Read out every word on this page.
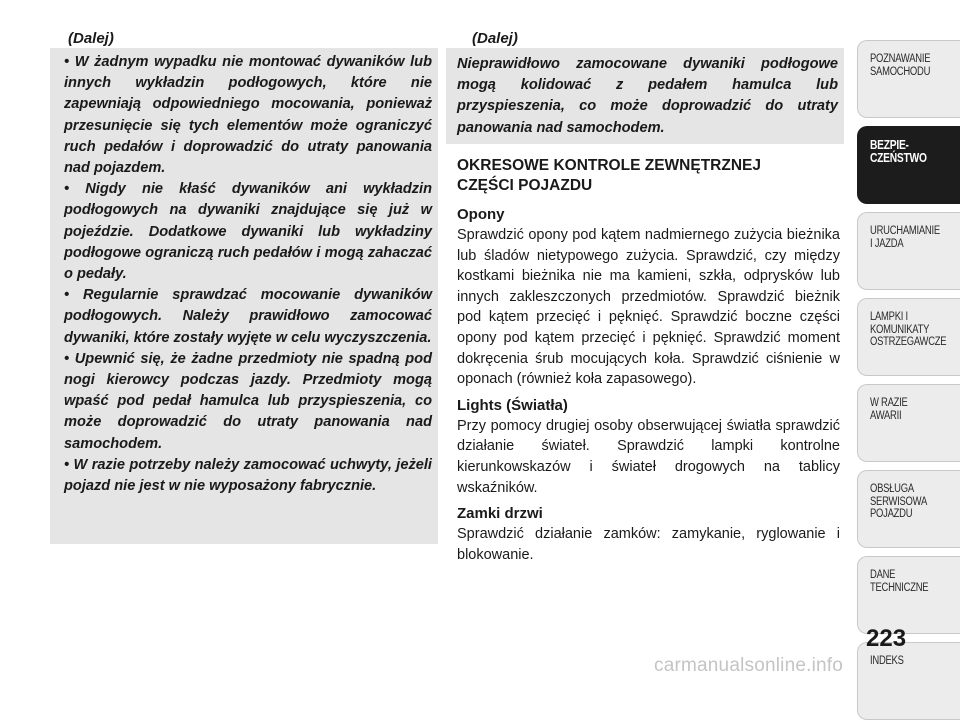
(Dalej)

• W żadnym wypadku nie montować dywaników lub innych wykładzin podłogowych, które nie zapewniają odpowiedniego mocowania, ponieważ przesunięcie się tych elementów może ograniczyć ruch pedałów i doprowadzić do utraty panowania nad pojazdem.

• Nigdy nie kłaść dywaników ani wykładzin podłogowych na dywaniki znajdujące się już w pojeździe. Dodatkowe dywaniki lub wykładziny podłogowe ograniczą ruch pedałów i mogą zahaczać o pedały.

• Regularnie sprawdzać mocowanie dywaników podłogowych. Należy prawidłowo zamocować dywaniki, które zostały wyjęte w celu wyczyszczenia.

• Upewnić się, że żadne przedmioty nie spadną pod nogi kierowcy podczas jazdy. Przedmioty mogą wpaść pod pedał hamulca lub przyspieszenia, co może doprowadzić do utraty panowania nad samochodem.

• W razie potrzeby należy zamocować uchwyty, jeżeli pojazd nie jest w nie wyposażony fabrycznie.

(Dalej)

Nieprawidłowo zamocowane dywaniki podłogowe mogą kolidować z pedałem hamulca lub przyspieszenia, co może doprowadzić do utraty panowania nad samochodem.

OKRESOWE KONTROLE ZEWNĘTRZNEJ
CZĘŚCI POJAZDU
Opony

Sprawdzić opony pod kątem nadmiernego zużycia bieżnika lub śladów nietypowego zużycia. Sprawdzić, czy między kostkami bieżnika nie ma kamieni, szkła, odprysków lub innych zakleszczonych przedmiotów. Sprawdzić bieżnik pod kątem przecięć i pęknięć. Sprawdzić boczne części opony pod kątem przecięć i pęknięć. Sprawdzić moment dokręcenia śrub mocujących koła. Sprawdzić ciśnienie w oponach (również koła zapasowego).

Lights (Światła)

Przy pomocy drugiej osoby obserwującej światła sprawdzić działanie świateł. Sprawdzić lampki kontrolne kierunkowskazów i świateł drogowych na tablicy wskaźników.

Zamki drzwi

Sprawdzić działanie zamków: zamykanie, ryglowanie i blokowanie.

POZNAWANIE
SAMOCHODU
BEZPIE-
CZEŃSTWO
URUCHAMIANIE
I JAZDA
LAMPKI I
KOMUNIKATY
OSTRZEGAWCZE
W RAZIE
AWARII
OBSŁUGA
SERWISOWA
POJAZDU
DANE
TECHNICZNE
INDEKS
223
carmanualsonline.info
